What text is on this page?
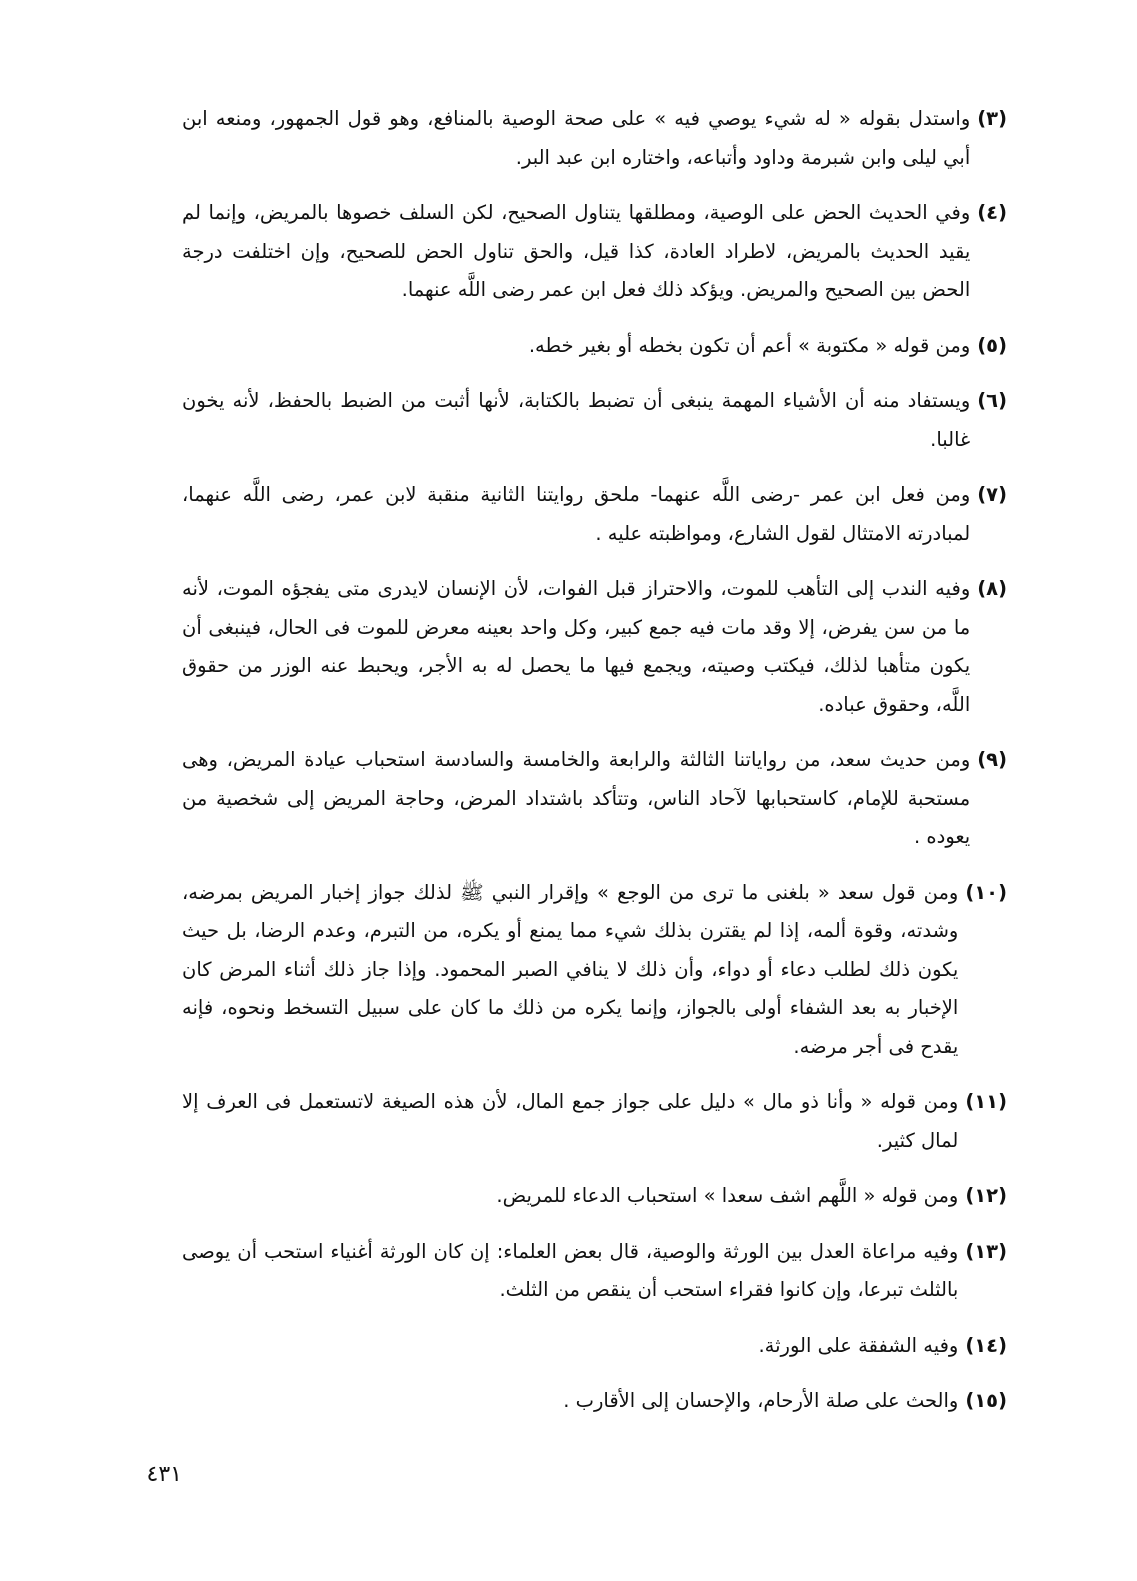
(٣)
واستدل بقوله « له شيء يوصي فيه » على صحة الوصية بالمنافع، وهو قول الجمهور، ومنعه ابن أبي ليلى وابن شبرمة وداود وأتباعه، واختاره ابن عبد البر.
(٤)
وفي الحديث الحض على الوصية، ومطلقها يتناول الصحيح، لكن السلف خصوها بالمريض، وإنما لم يقيد الحديث بالمريض، لاطراد العادة، كذا قيل، والحق تناول الحض للصحيح، وإن اختلفت درجة الحض بين الصحيح والمريض. ويؤكد ذلك فعل ابن عمر رضى اللَّه عنهما.
(٥)
ومن قوله « مكتوبة » أعم أن تكون بخطه أو بغير خطه.
(٦)
ويستفاد منه أن الأشياء المهمة ينبغى أن تضبط بالكتابة، لأنها أثبت من الضبط بالحفظ، لأنه يخون غالبا.
(٧)
ومن فعل ابن عمر -رضى اللَّه عنهما- ملحق روايتنا الثانية منقبة لابن عمر، رضى اللَّه عنهما، لمبادرته الامتثال لقول الشارع، ومواظبته عليه .
(٨)
وفيه الندب إلى التأهب للموت، والاحتراز قبل الفوات، لأن الإنسان لايدرى متى يفجؤه الموت، لأنه ما من سن يفرض، إلا وقد مات فيه جمع كبير، وكل واحد بعينه معرض للموت فى الحال، فينبغى أن يكون متأهبا لذلك، فيكتب وصيته، ويجمع فيها ما يحصل له به الأجر، ويحبط عنه الوزر من حقوق اللَّه، وحقوق عباده.
(٩)
ومن حديث سعد، من رواياتنا الثالثة والرابعة والخامسة والسادسة استحباب عيادة المريض، وهى مستحبة للإمام، كاستحبابها لآحاد الناس، وتتأكد باشتداد المرض، وحاجة المريض إلى شخصية من يعوده .
(١٠)
ومن قول سعد « بلغنى ما ترى من الوجع » وإقرار النبي ﷺ لذلك جواز إخبار المريض بمرضه، وشدته، وقوة ألمه، إذا لم يقترن بذلك شيء مما يمنع أو يكره، من التبرم، وعدم الرضا، بل حيث يكون ذلك لطلب دعاء أو دواء، وأن ذلك لا ينافي الصبر المحمود. وإذا جاز ذلك أثناء المرض كان الإخبار به بعد الشفاء أولى بالجواز، وإنما يكره من ذلك ما كان على سبيل التسخط ونحوه، فإنه يقدح فى أجر مرضه.
(١١)
ومن قوله « وأنا ذو مال » دليل على جواز جمع المال، لأن هذه الصيغة لاتستعمل فى العرف إلا لمال كثير.
(١٢)
ومن قوله « اللَّهم اشف سعدا » استحباب الدعاء للمريض.
(١٣)
وفيه مراعاة العدل بين الورثة والوصية، قال بعض العلماء: إن كان الورثة أغنياء استحب أن يوصى بالثلث تبرعا، وإن كانوا فقراء استحب أن ينقص من الثلث.
(١٤)
وفيه الشفقة على الورثة.
(١٥)
والحث على صلة الأرحام، والإحسان إلى الأقارب .
٤٣١
